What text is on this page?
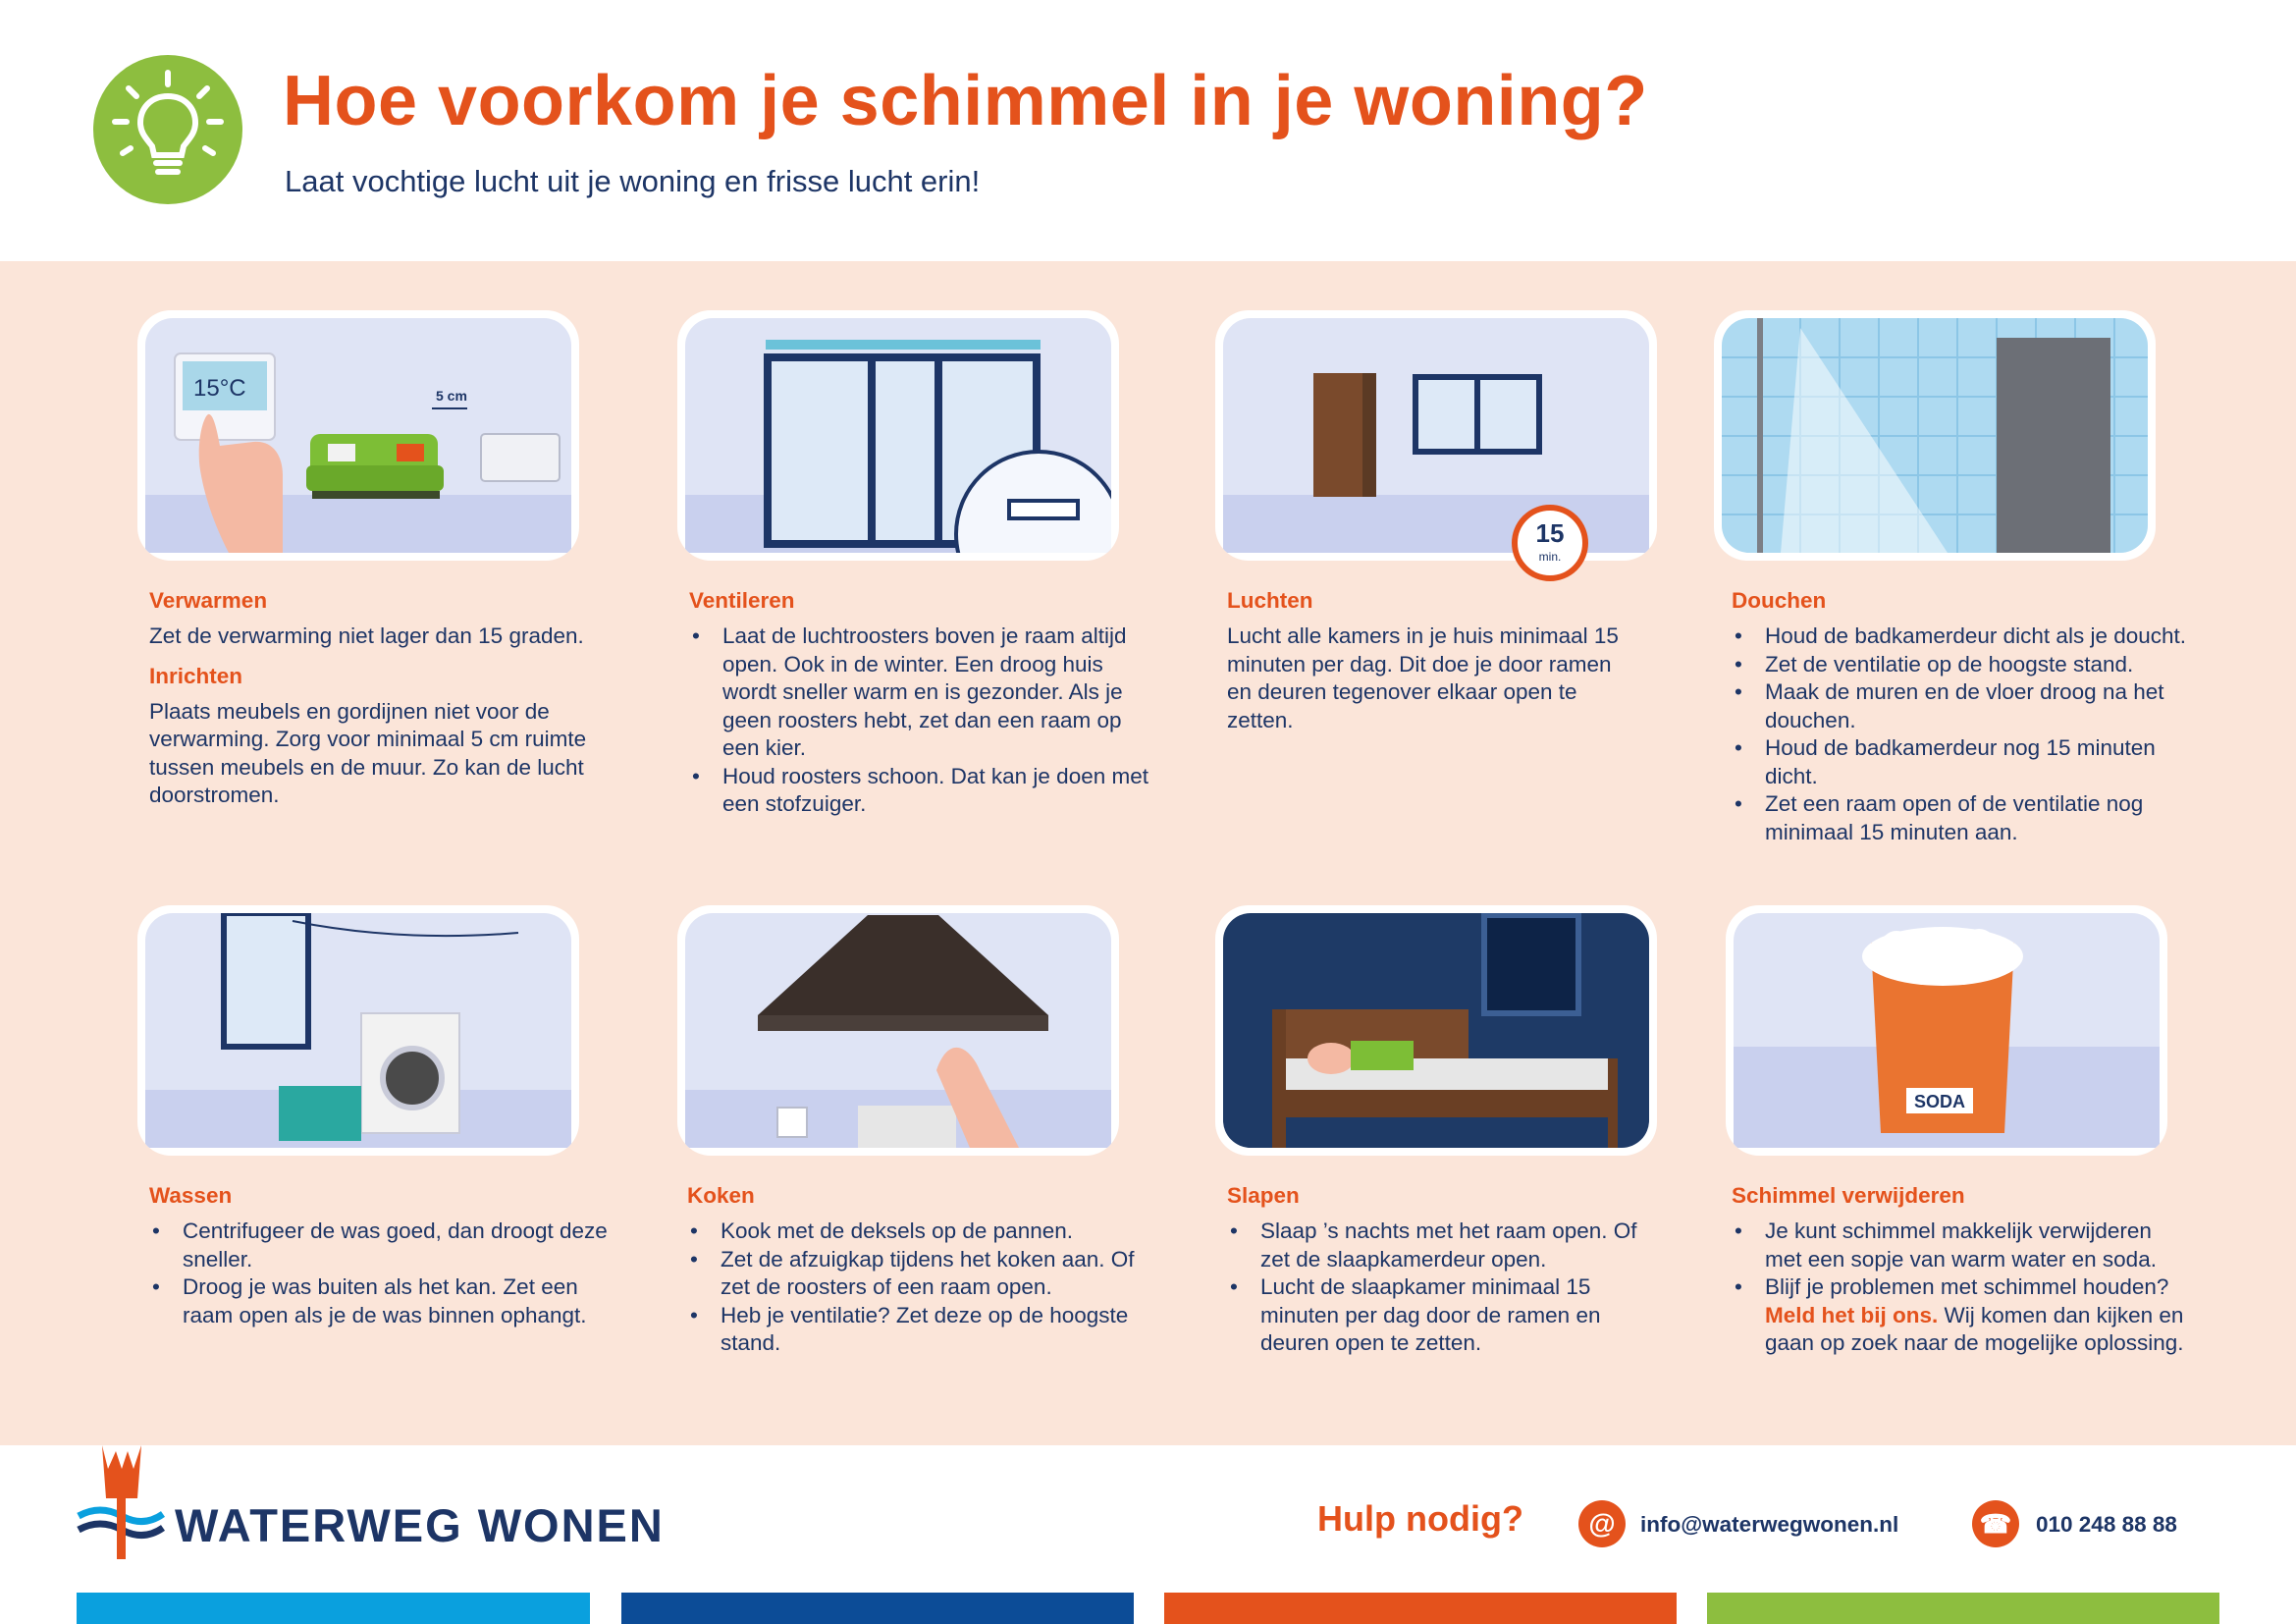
Hoe voorkom je schimmel in je woning?
Laat vochtige lucht uit je woning en frisse lucht erin!
15°C	5 cm
15
min.
SODA
Verwarmen

Zet de verwarming niet lager dan 15 graden.

Inrichten

Plaats meubels en gordijnen niet voor de verwarming. Zorg voor minimaal 5 cm ruimte tussen meubels en de muur. Zo kan de lucht doorstromen.

Ventileren
• Laat de luchtroosters boven je raam altijd open. Ook in de winter. Een droog huis wordt sneller warm en is gezonder. Als je geen roosters hebt, zet dan een raam op een kier.
• Houd roosters schoon. Dat kan je doen met een stofzuiger.
Luchten

Lucht alle kamers in je huis minimaal 15 minuten per dag. Dit doe je door ramen en deuren tegenover elkaar open te zetten.

Douchen
• Houd de badkamerdeur dicht als je doucht.
• Zet de ventilatie op de hoogste stand.
• Maak de muren en de vloer droog na het douchen.
• Houd de badkamerdeur nog 15 minuten dicht.
• Zet een raam open of de ventilatie nog minimaal 15 minuten aan.
Wassen
• Centrifugeer de was goed, dan droogt deze sneller.
• Droog je was buiten als het kan. Zet een raam open als je de was binnen ophangt.
Koken
• Kook met de deksels op de pannen.
• Zet de afzuigkap tijdens het koken aan. Of zet de roosters of een raam open.
• Heb je ventilatie? Zet deze op de hoogste stand.
Slapen
• Slaap ’s nachts met het raam open. Of zet de slaapkamerdeur open.
• Lucht de slaapkamer minimaal 15 minuten per dag door de ramen en deuren open te zetten.
Schimmel verwijderen
• Je kunt schimmel makkelijk verwijderen met een sopje van warm water en soda.
• Blijf je problemen met schimmel houden? Meld het bij ons. Wij komen dan kijken en gaan op zoek naar de mogelijke oplossing.
WATERWEG WONEN	Hulp nodig?	@	info@waterwegwonen.nl	☎	010 248 88 88
